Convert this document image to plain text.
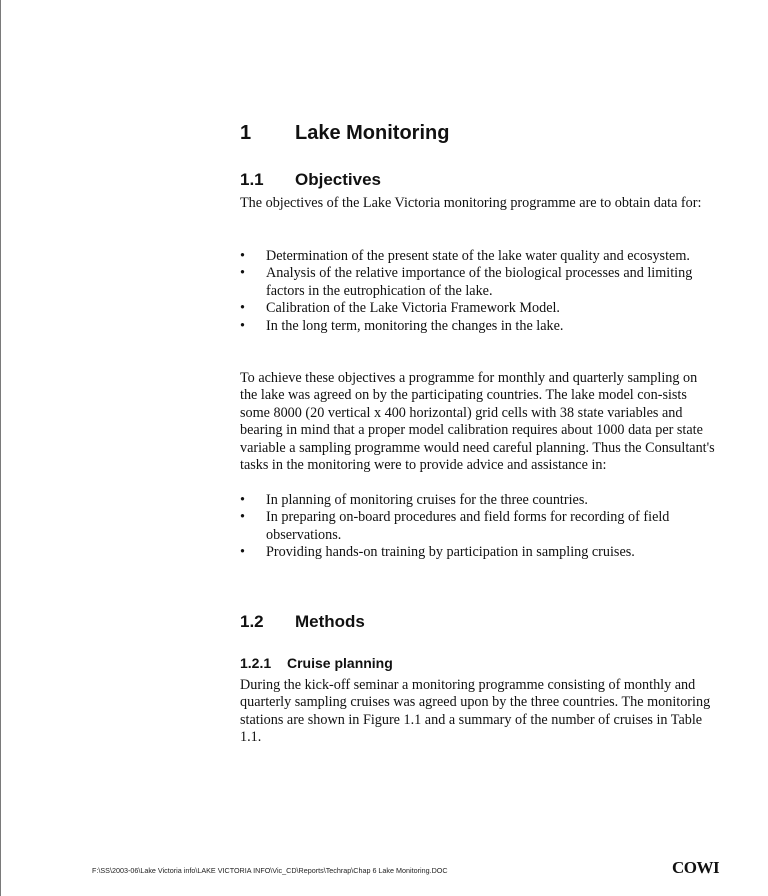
1 Lake Monitoring
1.1 Objectives

The objectives of the Lake Victoria monitoring programme are to obtain data for:

• Determination of the present state of the lake water quality and ecosystem.
• Analysis of the relative importance of the biological processes and limiting factors in the eutrophication of the lake.
• Calibration of the Lake Victoria Framework Model.
• In the long term, monitoring the changes in the lake.

To achieve these objectives a programme for monthly and quarterly sampling on the lake was agreed on by the participating countries. The lake model con-sists some 8000 (20 vertical x 400 horizontal) grid cells with 38 state variables and bearing in mind that a proper model calibration requires about 1000 data per state variable a sampling programme would need careful planning. Thus the Consultant's tasks in the monitoring were to provide advice and assistance in:

• In planning of monitoring cruises for the three countries.
• In preparing on-board procedures and field forms for recording of field observations.
• Providing hands-on training by participation in sampling cruises.
1.2 Methods
1.2.1 Cruise planning

During the kick-off seminar a monitoring programme consisting of monthly and quarterly sampling cruises was agreed upon by the three countries. The monitoring stations are shown in Figure 1.1 and a summary of the number of cruises in Table 1.1.

F:\SS\2003-06\Lake Victoria info\LAKE VICTORIA INFO\Vic_CD\Reports\Techrap\Chap 6 Lake Monitoring.DOC	COWI
